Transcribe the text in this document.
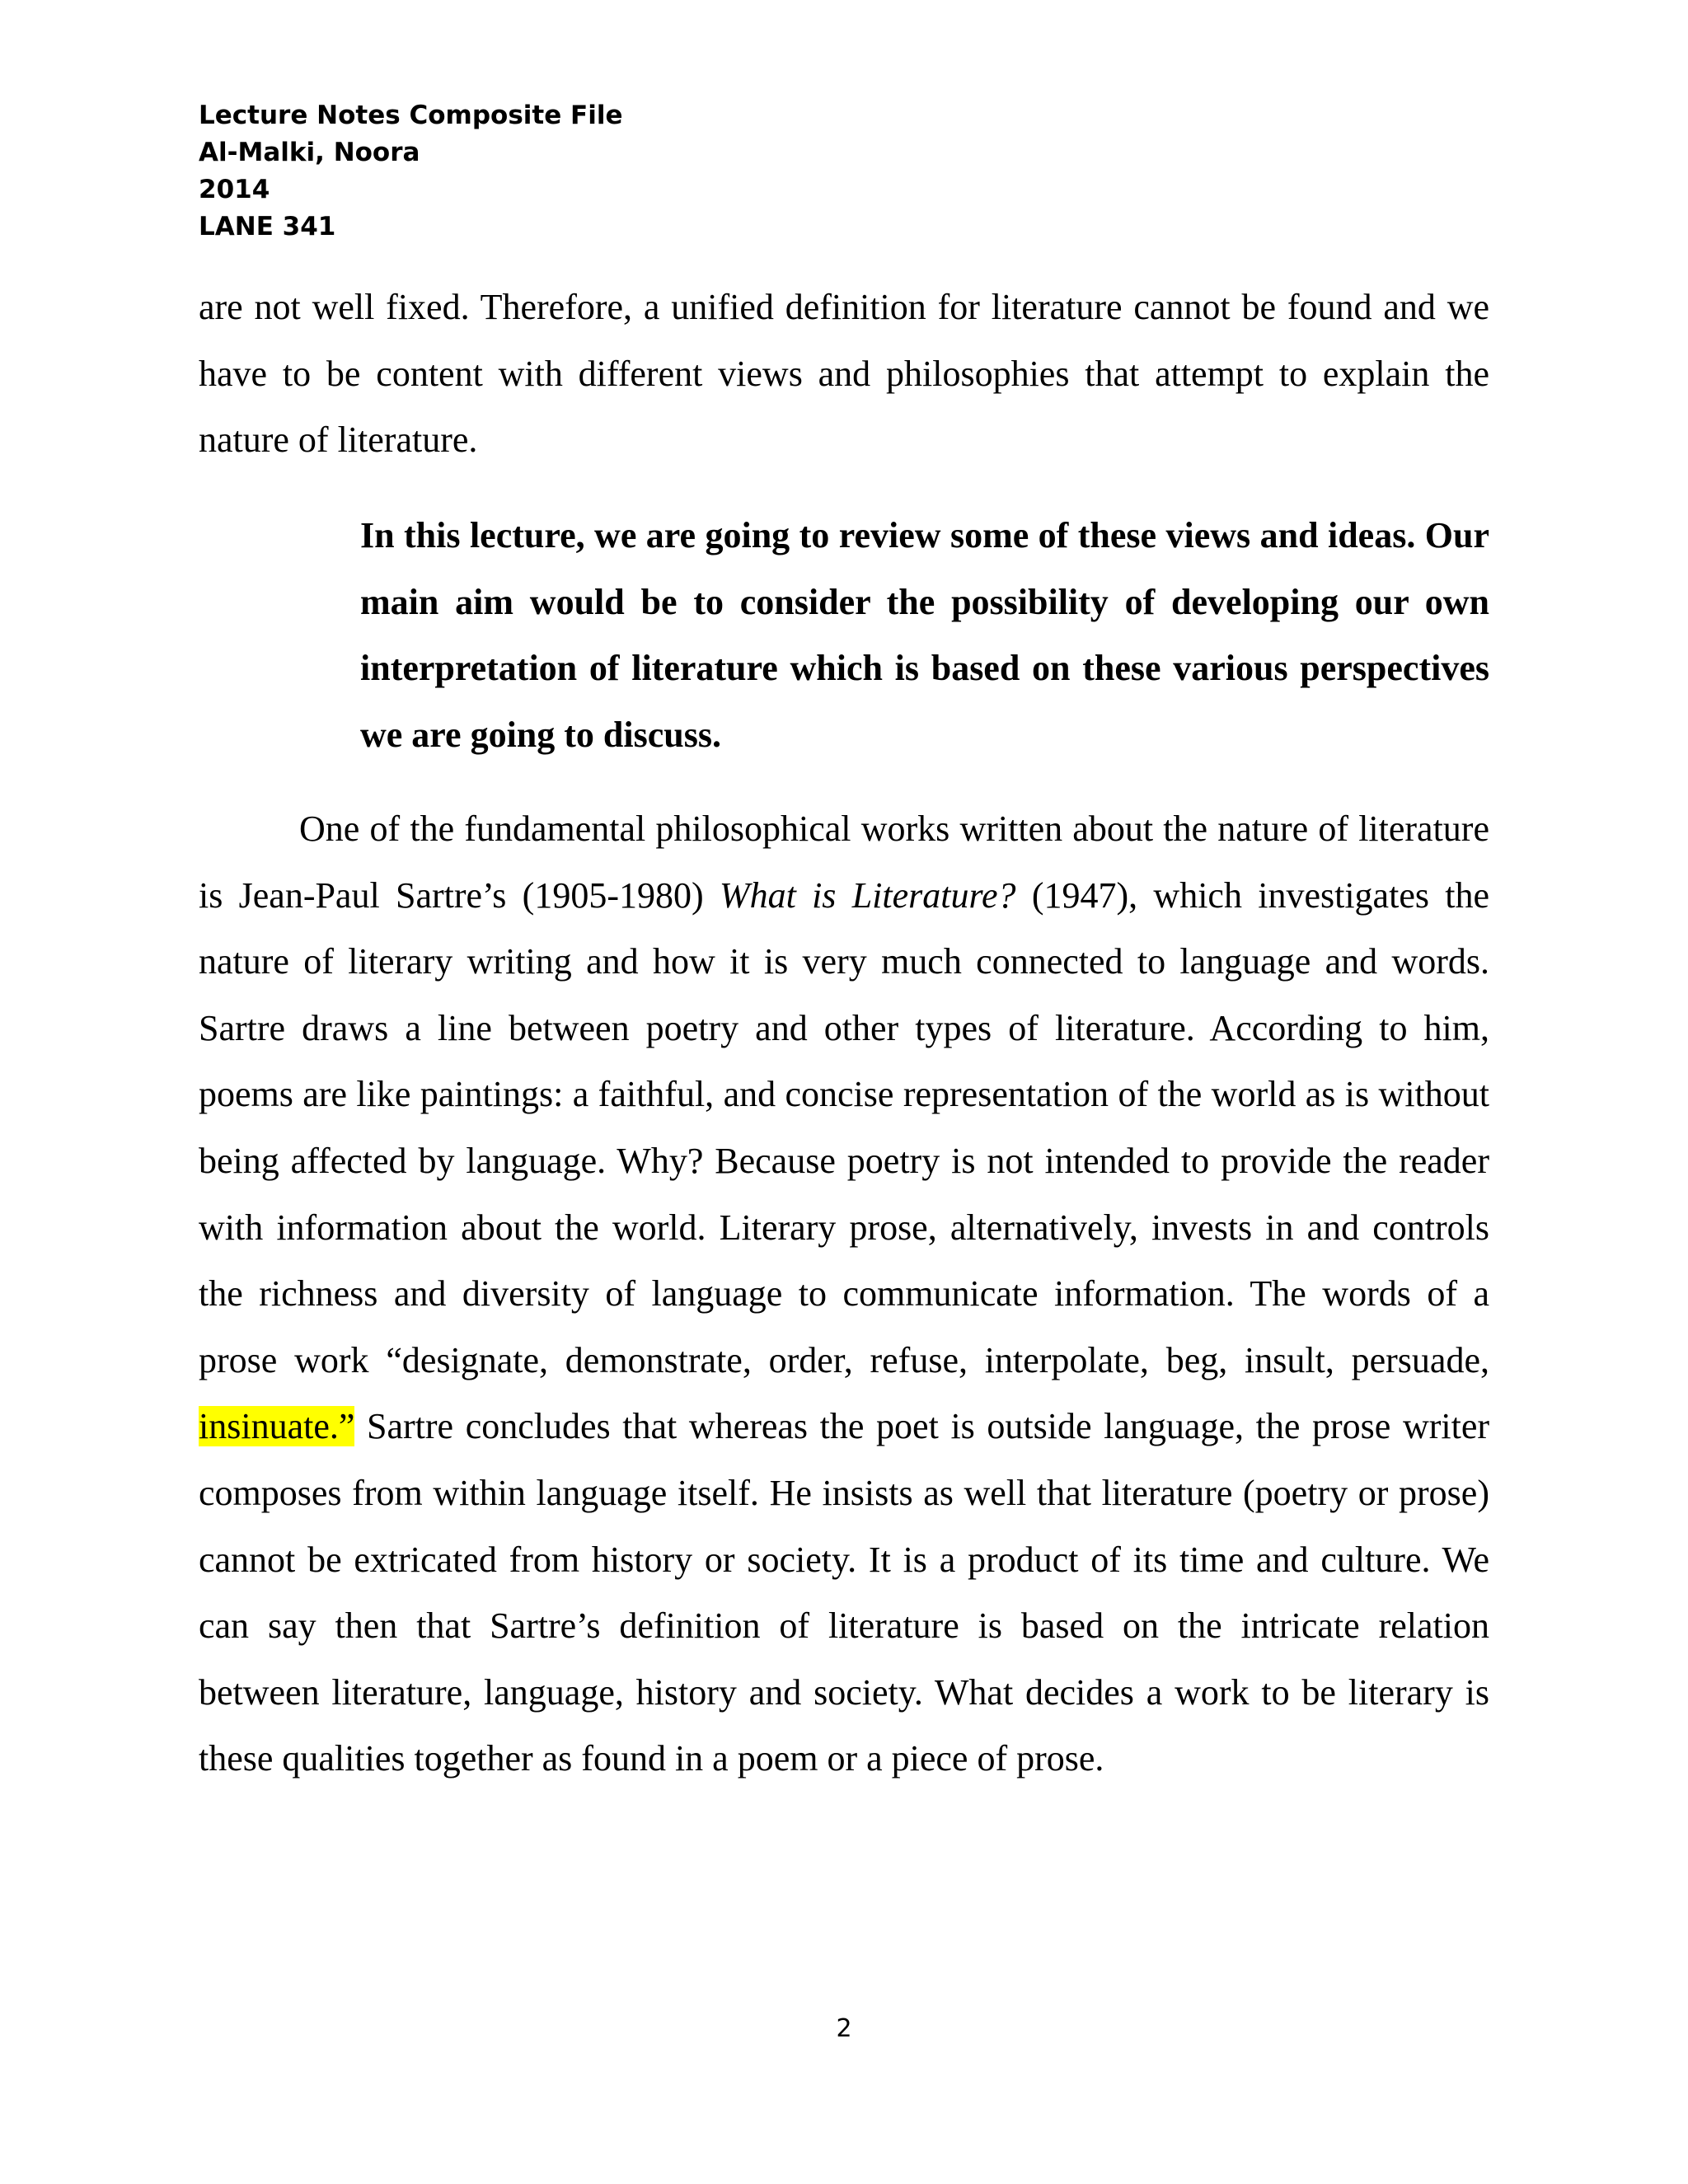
Lecture Notes Composite File
Al-Malki, Noora
2014
LANE 341

are not well fixed. Therefore, a unified definition for literature cannot be found and we have to be content with different views and philosophies that attempt to explain the nature of literature.

In this lecture, we are going to review some of these views and ideas. Our main aim would be to consider the possibility of developing our own interpretation of literature which is based on these various perspectives we are going to discuss.

One of the fundamental philosophical works written about the nature of literature is Jean-Paul Sartre’s (1905-1980) What is Literature? (1947), which investigates the nature of literary writing and how it is very much connected to language and words. Sartre draws a line between poetry and other types of literature. According to him, poems are like paintings: a faithful, and concise representation of the world as is without being affected by language. Why? Because poetry is not intended to provide the reader with information about the world. Literary prose, alternatively, invests in and controls the richness and diversity of language to communicate information. The words of a prose work “designate, demonstrate, order, refuse, interpolate, beg, insult, persuade, insinuate.” Sartre concludes that whereas the poet is outside language, the prose writer composes from within language itself. He insists as well that literature (poetry or prose) cannot be extricated from history or society. It is a product of its time and culture. We can say then that Sartre’s definition of literature is based on the intricate relation between literature, language, history and society. What decides a work to be literary is these qualities together as found in a poem or a piece of prose.

2
